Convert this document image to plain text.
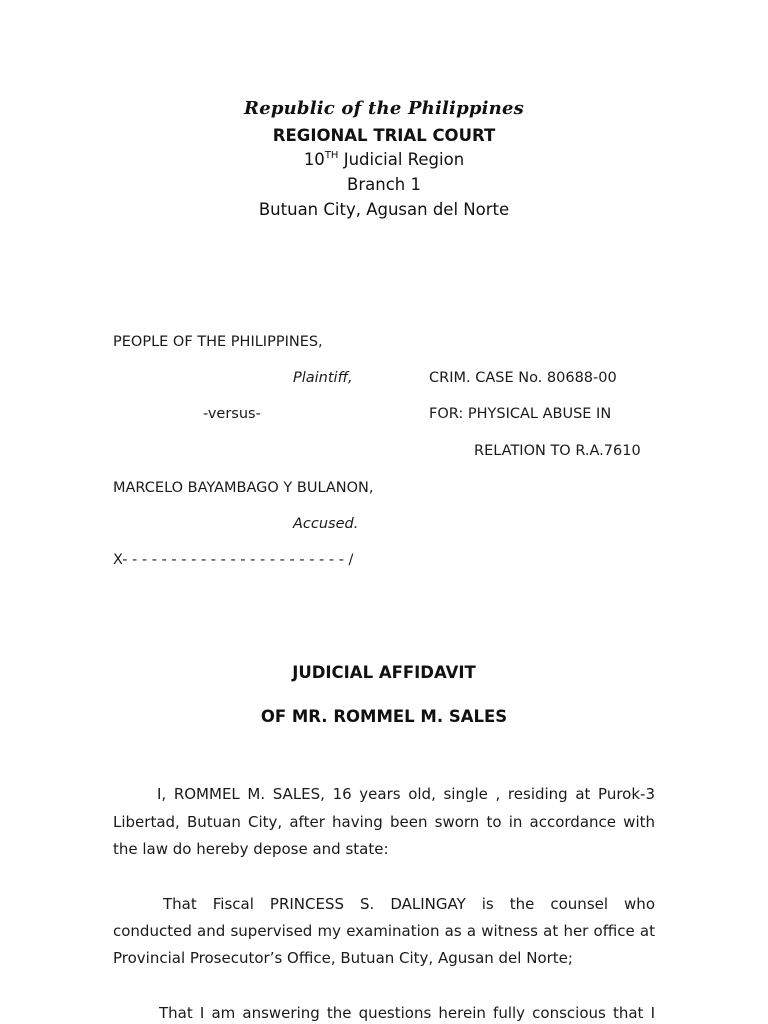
Republic of the Philippines
REGIONAL TRIAL COURT
10TH Judicial Region
Branch 1
Butuan City, Agusan del Norte
PEOPLE OF THE PHILIPPINES,
Plaintiff,	CRIM. CASE No. 80688-00
-versus-	FOR: PHYSICAL ABUSE IN
RELATION TO R.A.7610
MARCELO BAYAMBAGO Y BULANON,
Accused.
X- - - - - - - - - - - - - - - - - - - - - - - /
JUDICIAL AFFIDAVIT
OF MR. ROMMEL M. SALES
I, ROMMEL M. SALES, 16 years old, single , residing at Purok-3
Libertad, Butuan City, after having been sworn to in accordance with
the law do hereby depose and state:
That Fiscal PRINCESS S. DALINGAY is the counsel who
conducted and supervised my examination as a witness at her office at
Provincial Prosecutor’s Office, Butuan City, Agusan del Norte;
That I am answering the questions herein fully conscious that I
